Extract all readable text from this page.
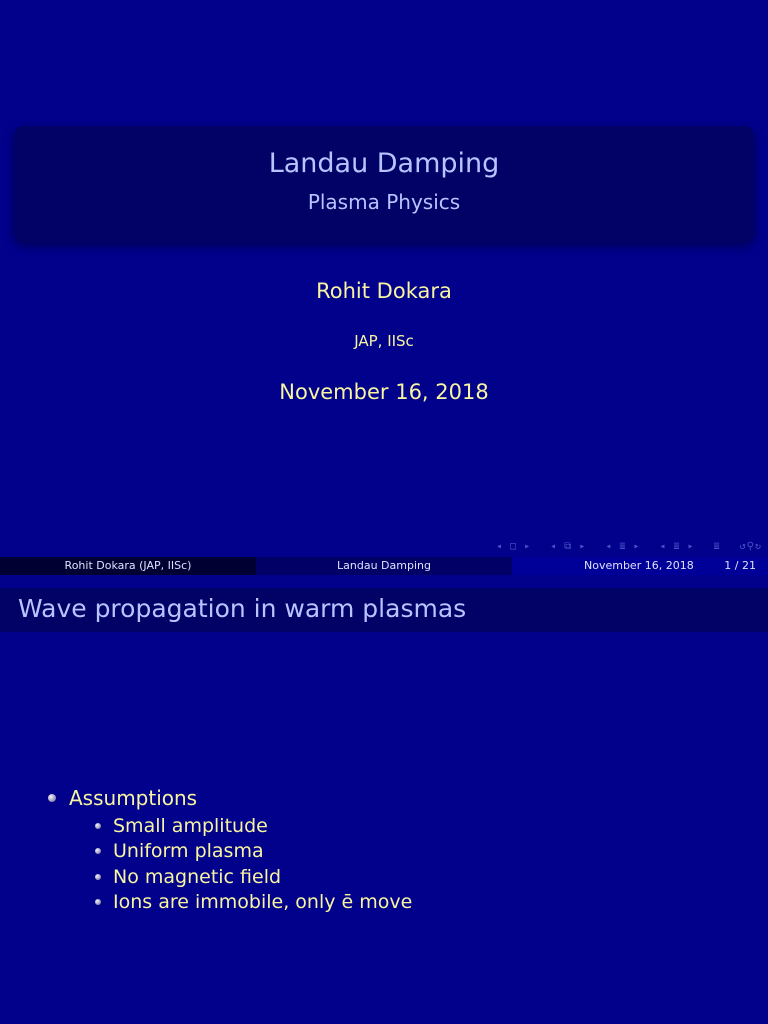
Landau Damping
Plasma Physics
Rohit Dokara
JAP, IISc
November 16, 2018
◂ □ ▸ ◂ ⧉ ▸ ◂ ≣ ▸ ◂ ≣ ▸ ≣ ↺⚲↻
Rohit Dokara (JAP, IISc)	Landau Damping	November 16, 2018	1 / 21
Wave propagation in warm plasmas
Assumptions
Small amplitude
Uniform plasma
No magnetic field
Ions are immobile, only ē move
